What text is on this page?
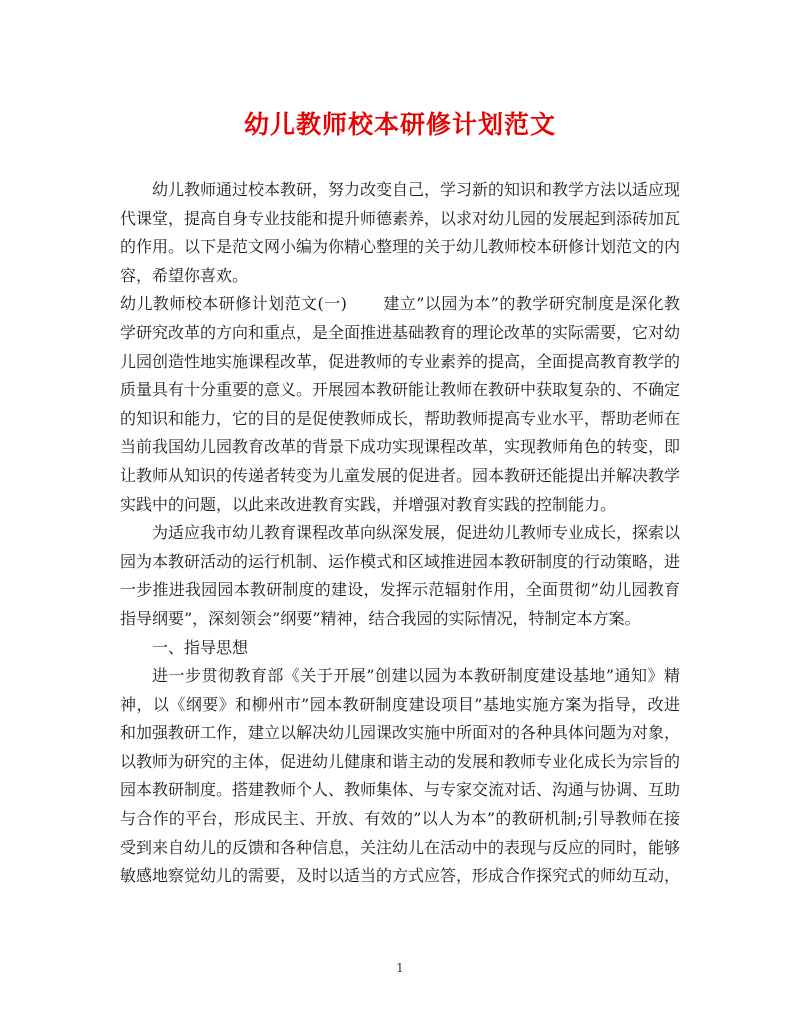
幼儿教师校本研修计划范文

幼儿教师通过校本教研，努力改变自己，学习新的知识和教学方法以适应现代课堂，提高自身专业技能和提升师德素养，以求对幼儿园的发展起到添砖加瓦的作用。以下是范文网小编为你精心整理的关于幼儿教师校本研修计划范文的内容，希望你喜欢。

幼儿教师校本研修计划范文(一) 建立”以园为本”的教学研究制度是深化教学研究改革的方向和重点，是全面推进基础教育的理论改革的实际需要，它对幼儿园创造性地实施课程改革，促进教师的专业素养的提高，全面提高教育教学的质量具有十分重要的意义。开展园本教研能让教师在教研中获取复杂的、不确定的知识和能力，它的目的是促使教师成长，帮助教师提高专业水平，帮助老师在当前我国幼儿园教育改革的背景下成功实现课程改革，实现教师角色的转变，即让教师从知识的传递者转变为儿童发展的促进者。园本教研还能提出并解决教学实践中的问题，以此来改进教育实践，并增强对教育实践的控制能力。

为适应我市幼儿教育课程改革向纵深发展，促进幼儿教师专业成长，探索以园为本教研活动的运行机制、运作模式和区域推进园本教研制度的行动策略，进一步推进我园园本教研制度的建设，发挥示范辐射作用，全面贯彻”幼儿园教育指导纲要”，深刻领会”纲要”精神，结合我园的实际情况，特制定本方案。

一、指导思想

进一步贯彻教育部《关于开展”创建以园为本教研制度建设基地”通知》精神，以《纲要》和柳州市”园本教研制度建设项目”基地实施方案为指导，改进和加强教研工作，建立以解决幼儿园课改实施中所面对的各种具体问题为对象，以教师为研究的主体，促进幼儿健康和谐主动的发展和教师专业化成长为宗旨的园本教研制度。搭建教师个人、教师集体、与专家交流对话、沟通与协调、互助与合作的平台，形成民主、开放、有效的”以人为本”的教研机制;引导教师在接受到来自幼儿的反馈和各种信息，关注幼儿在活动中的表现与反应的同时，能够敏感地察觉幼儿的需要，及时以适当的方式应答，形成合作探究式的师幼互动，

1
